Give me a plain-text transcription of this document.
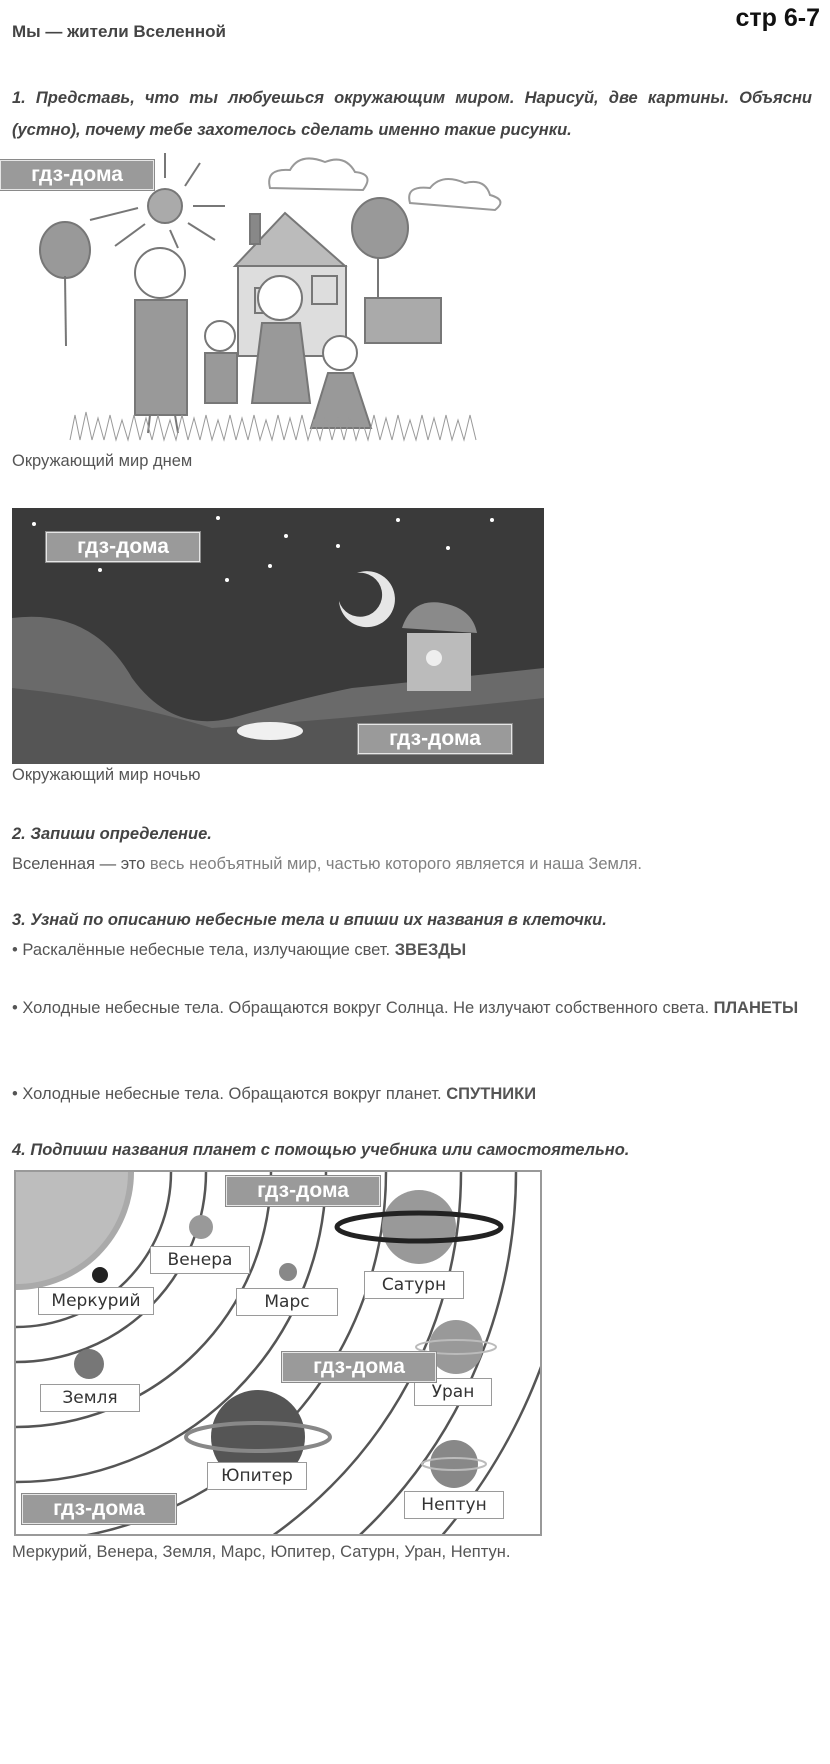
стр 6-7
Мы — жители Вселенной
1. Представь, что ты любуешься окружающим миром. Нарисуй, две картины. Объясни (устно), почему тебе захотелось сделать именно такие рисунки.
гдз-дома
Окружающий мир днем
гдз-дома
гдз-дома
Окружающий мир ночью
2. Запиши определение.
Вселенная — это весь необъятный мир, частью которого является и наша Земля.
3. Узнай по описанию небесные тела и впиши их названия в клеточки.
• Раскалённые небесные тела, излучающие свет. ЗВЕЗДЫ
• Холодные небесные тела. Обращаются вокруг Солнца. Не излучают собственного света. ПЛАНЕТЫ
• Холодные небесные тела. Обращаются вокруг планет. СПУТНИКИ
4. Подпиши названия планет с помощью учебника или самостоятельно.
Меркурий
Венера
Земля
Марс
Юпитер
Сатурн
Уран
Нептун
гдз-дома
гдз-дома
гдз-дома
Меркурий, Венера, Земля, Марс, Юпитер, Сатурн, Уран, Нептун.
